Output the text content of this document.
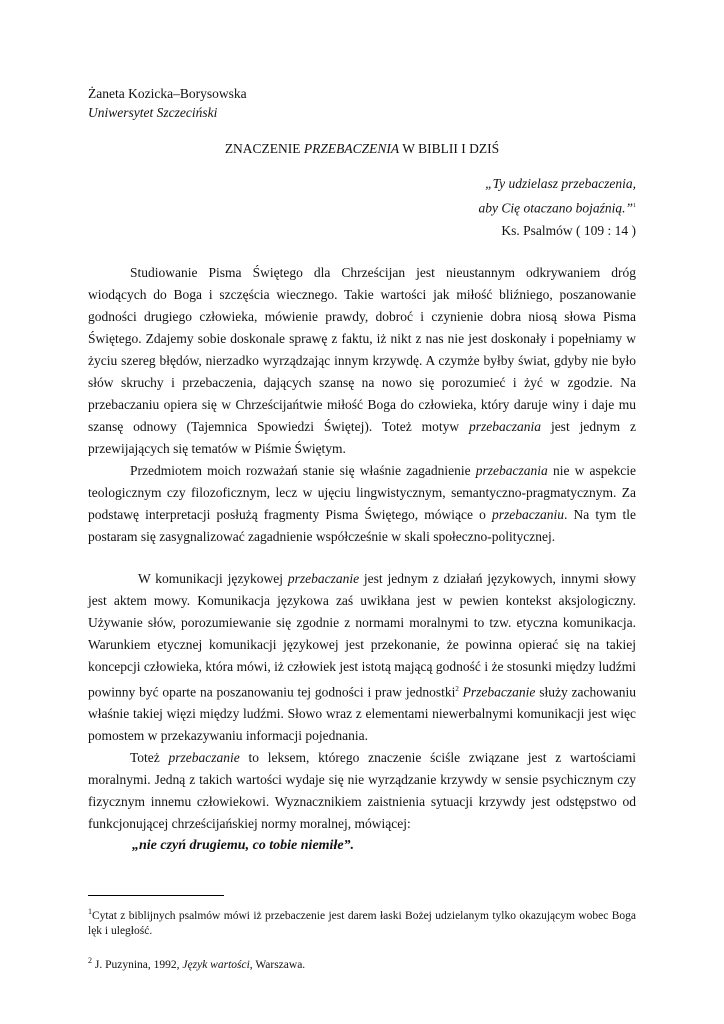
Żaneta Kozicka–Borysowska
Uniwersytet Szczeciński
ZNACZENIE PRZEBACZENIA W BIBLII I DZIŚ
„Ty udzielasz przebaczenia,
aby Cię otaczano bojaźnią.”$^1$
Ks. Psalmów ( 109 : 14 )

Studiowanie Pisma Świętego dla Chrześcijan jest nieustannym odkrywaniem dróg wiodących do Boga i szczęścia wiecznego. Takie wartości jak miłość bliźniego, poszanowanie godności drugiego człowieka, mówienie prawdy, dobroć i czynienie dobra niosą słowa Pisma Świętego. Zdajemy sobie doskonale sprawę z faktu, iż nikt z nas nie jest doskonały i popełniamy w życiu szereg błędów, nierzadko wyrządzając innym krzywdę. A czymże byłby świat, gdyby nie było słów skruchy i przebaczenia, dających szansę na nowo się porozumieć i żyć w zgodzie. Na przebaczaniu opiera się w Chrześcijańtwie miłość Boga do człowieka, który daruje winy i daje mu szansę odnowy (Tajemnica Spowiedzi Świętej). Toteż motyw przebaczania jest jednym z przewijających się tematów w Piśmie Świętym.

Przedmiotem moich rozważań stanie się właśnie zagadnienie przebaczania nie w aspekcie teologicznym czy filozoficznym, lecz w ujęciu lingwistycznym, semantyczno-pragmatycznym. Za podstawę interpretacji posłużą fragmenty Pisma Świętego, mówiące o przebaczaniu. Na tym tle postaram się zasygnalizować zagadnienie współcześnie w skali społeczno-politycznej.

W komunikacji językowej przebaczanie jest jednym z działań językowych, innymi słowy jest aktem mowy. Komunikacja językowa zaś uwikłana jest w pewien kontekst aksjologiczny. Używanie słów, porozumiewanie się zgodnie z normami moralnymi to tzw. etyczna komunikacja. Warunkiem etycznej komunikacji językowej jest przekonanie, że powinna opierać się na takiej koncepcji człowieka, która mówi, iż człowiek jest istotą mającą godność i że stosunki między ludźmi powinny być oparte na poszanowaniu tej godności i praw jednostki$^2$ Przebaczanie służy zachowaniu właśnie takiej więzi między ludźmi. Słowo wraz z elementami niewerbalnymi komunikacji jest więc pomostem w przekazywaniu informacji pojednania.

Toteż przebaczanie to leksem, którego znaczenie ściśle związane jest z wartościami moralnymi. Jedną z takich wartości wydaje się nie wyrządzanie krzywdy w sensie psychicznym czy fizycznym innemu człowiekowi. Wyznacznikiem zaistnienia sytuacji krzywdy jest odstępstwo od funkcjonującej chrześcijańskiej normy moralnej, mówiącej:

„nie czyń drugiemu, co tobie niemiłe”.

$^1$Cytat z biblijnych psalmów mówi iż przebaczenie jest darem łaski Bożej udzielanym tylko okazującym wobec Boga lęk i uległość.

$^2$ J. Puzynina, 1992, Język wartości, Warszawa.
